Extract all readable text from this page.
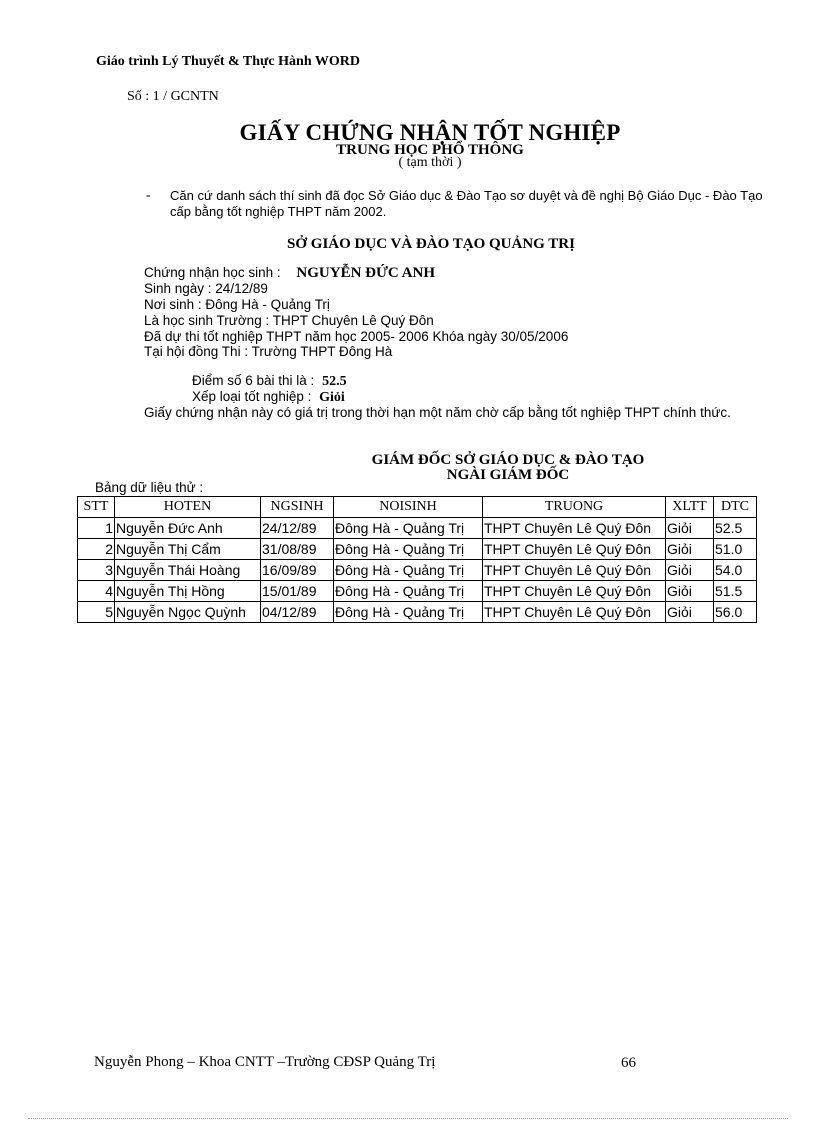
Giáo trình Lý Thuyết & Thực Hành WORD
Số : 1 / GCNTN
GIẤY CHỨNG NHẬN TỐT NGHIỆP
TRUNG HỌC PHỔ THÔNG
( tạm thời )
- Căn cứ danh sách thí sinh đã đọc Sở Giáo dục & Đào Tạo sơ duyệt và đề nghị Bộ Giáo Dục - Đào Tạo cấp bằng tốt nghiệp THPT năm 2002.
SỞ GIÁO DỤC VÀ ĐÀO TẠO QUẢNG TRỊ
Chứng nhận học sinh : NGUYỄN ĐỨC ANH
Sinh ngày : 24/12/89
Nơi sinh : Đông Hà - Quảng Trị
Là học sinh Trường : THPT Chuyên Lê Quý Đôn
Đã dự thi tốt nghiệp THPT năm học 2005- 2006 Khóa ngày 30/05/2006
Tại hội đồng Thi : Trường THPT Đông Hà
Điểm số 6 bài thi là : 52.5
Xếp loại tốt nghiệp : Giỏi
Giấy chứng nhận này có giá trị trong thời hạn một năm chờ cấp bằng tốt nghiệp THPT chính thức.
GIÁM ĐỐC SỞ GIÁO DỤC & ĐÀO TẠO
NGÀI GIÁM ĐỐC
Bảng dữ liệu thử :
STT	HOTEN	NGSINH	NOISINH	TRUONG	XLTT	DTC
1	Nguyễn Đức Anh	24/12/89	Đông Hà - Quảng Trị	THPT Chuyên Lê Quý Đôn	Giỏi	52.5
2	Nguyễn Thị Cẩm	31/08/89	Đông Hà - Quảng Trị	THPT Chuyên Lê Quý Đôn	Giỏi	51.0
3	Nguyễn Thái Hoàng	16/09/89	Đông Hà - Quảng Trị	THPT Chuyên Lê Quý Đôn	Giỏi	54.0
4	Nguyễn Thị Hồng	15/01/89	Đông Hà - Quảng Trị	THPT Chuyên Lê Quý Đôn	Giỏi	51.5
5	Nguyễn Ngọc Quỳnh	04/12/89	Đông Hà - Quảng Trị	THPT Chuyên Lê Quý Đôn	Giỏi	56.0
Nguyễn Phong – Khoa CNTT –Trường CĐSP Quảng Trị	66
